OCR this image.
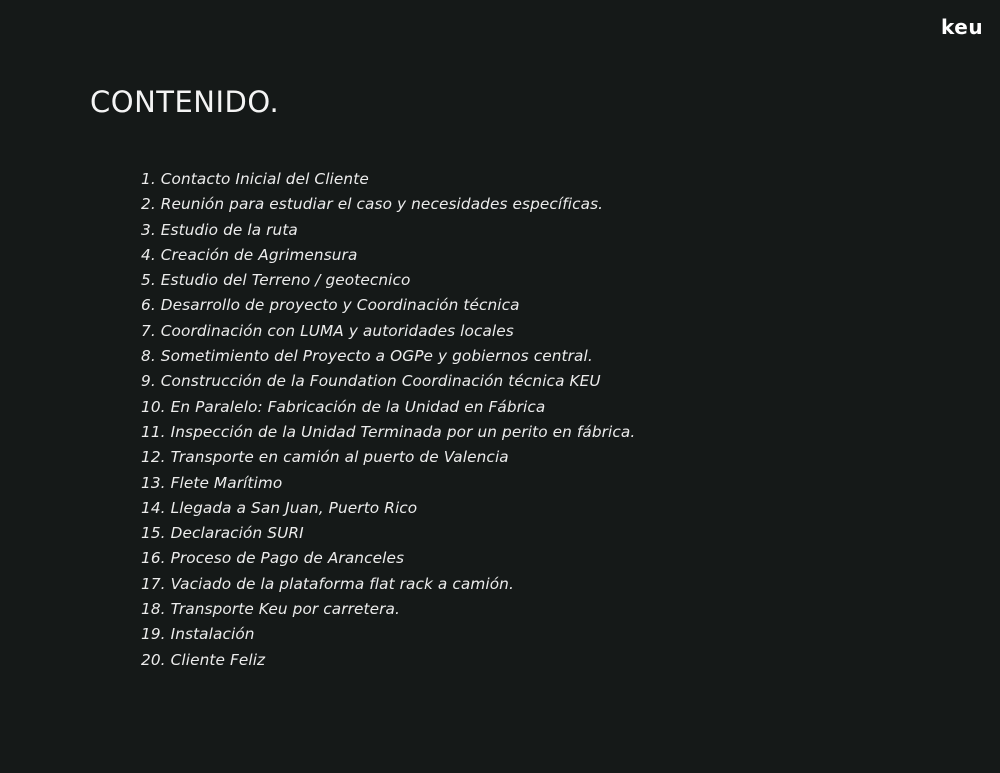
keu
CONTENIDO.
1. Contacto Inicial del Cliente
2. Reunión para estudiar el caso y necesidades específicas.
3. Estudio de la ruta
4. Creación de Agrimensura
5. Estudio del Terreno / geotecnico
6. Desarrollo de proyecto y Coordinación técnica
7. Coordinación con LUMA y autoridades locales
8. Sometimiento del Proyecto a OGPe y gobiernos central.
9. Construcción de la Foundation Coordinación técnica KEU
10. En Paralelo: Fabricación de la Unidad en Fábrica
11. Inspección de la Unidad Terminada por un perito en fábrica.
12. Transporte en camión al puerto de Valencia
13. Flete Marítimo
14. Llegada a San Juan, Puerto Rico
15. Declaración SURI
16. Proceso de Pago de Aranceles
17. Vaciado de la plataforma flat rack a camión.
18. Transporte Keu por carretera.
19. Instalación
20. Cliente Feliz
